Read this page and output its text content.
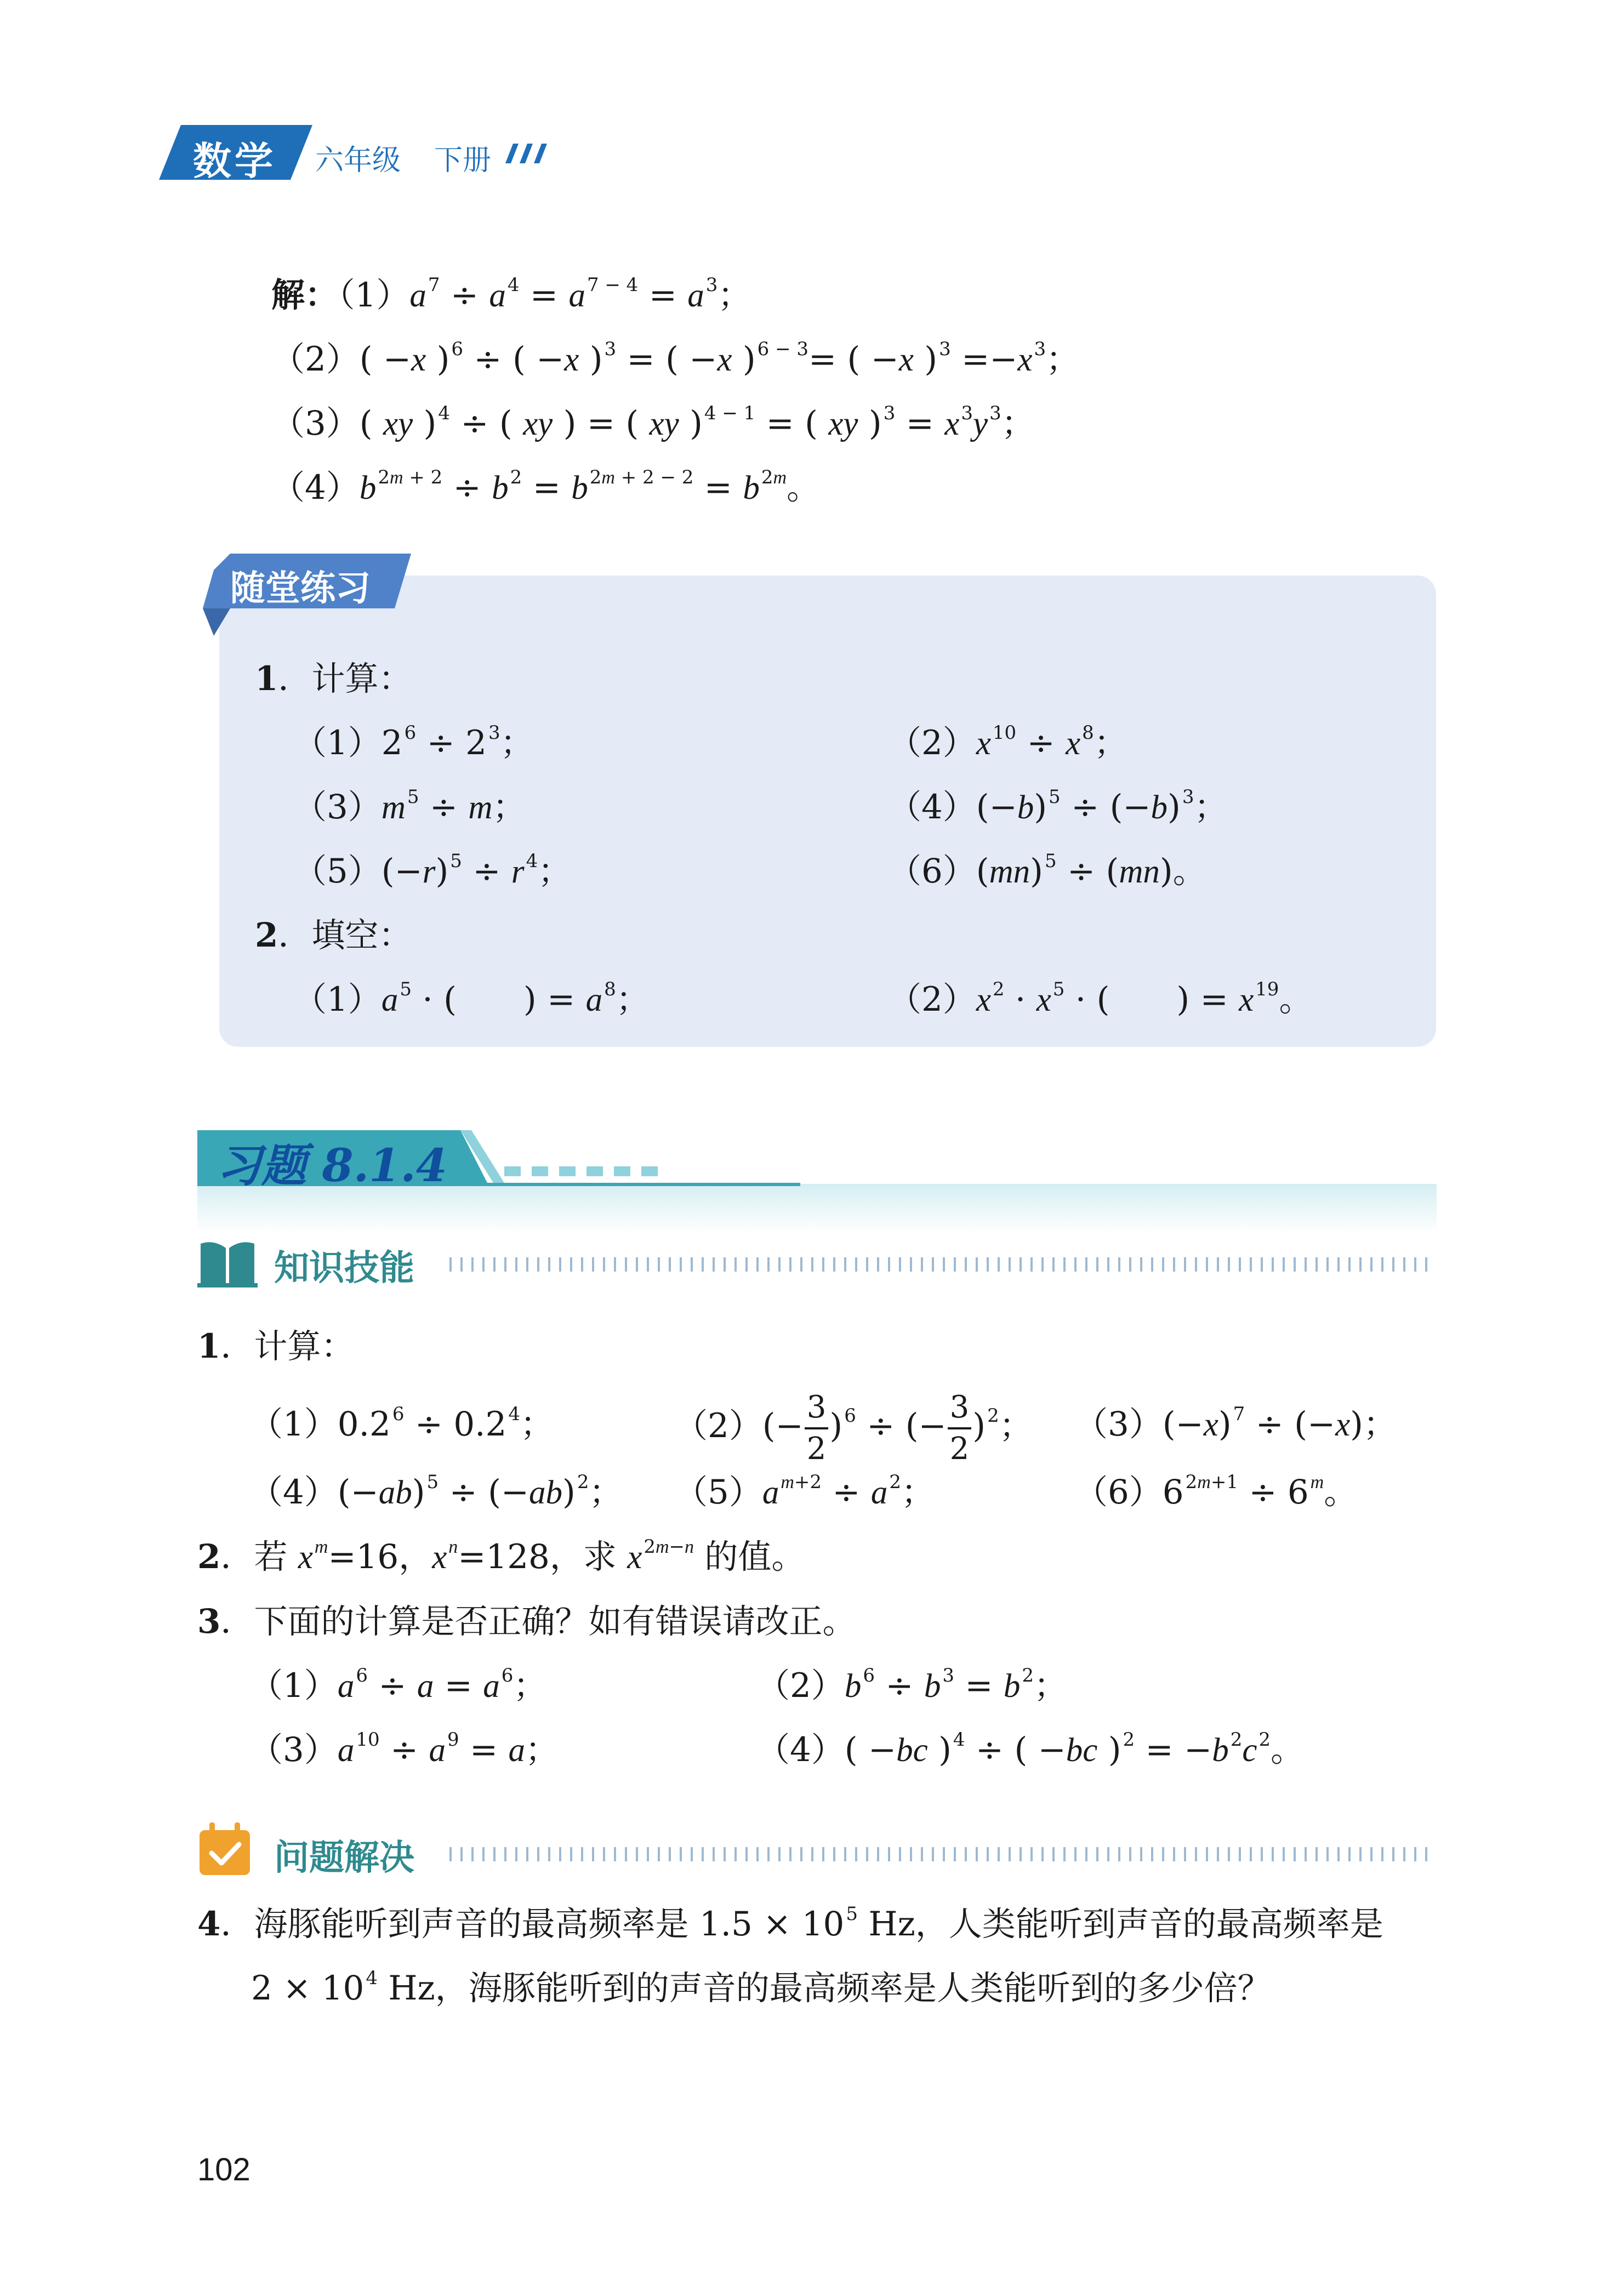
数学 六年级 下册
解：$(1)a^7 \div a^4 = a^{7 - 4} = a^3$；
（2）( −x )$^6$ ÷ ( −x )$^3$ = ( −x )$^{6 - 3}$= ( −x )$^3 =-x^3$；
（3）( xy )$^4$ ÷ ( xy ) = ( xy )$^{4 - 1}$ = ( xy )$^3 = x^3y^3$；
$(4)b^{2m + 2} \div b^2 = b^{2m + 2 - 2} = b^{2m}$。
随堂练习
1．计算：
$(1)2^6 \div 2^3$；	$(2)x^{10} \div x^8$；
$(3)m^5 \div m$；	$(4)(-b)^5 \div (-b)^3$；
$(5)(-r)^5 \div r^4$；	（6）(mn)$^5$ ÷ (mn)。
2．填空：
$(1)a^5$ · (　　) = $a^8$；	$(2)x^2 \cdot x^5$ · (　　) = $x^{19}$。
习题 8.1.4
知识技能
1．计算：
$(1)0.2^6 \div 0.2^4$；	$(2)(- \frac{3}{2} )^6$ ÷ (− $\frac{3}{2} )^2$； $(3)(-x)^7 \div (-x)$；
$(4)(-ab)^5 \div (-ab)^2$； $(5)a^{m+2} \div a^2$；	$(6)6^{2m+1} \div 6^m$。
2．若 $x^m=16$，$x^n=128$，求 $x^{2m-n}$ 的值。
3．下面的计算是否正确？如有错误请改正。
$(1)a^6 \div a = a^6$；	$(2)b^6 \div b^3 = b^2$；
$(3)a^{10} \div a^9 = a$；	（4）( −bc )$^4$ ÷ ( −bc )$^2 = -b^2c^2$。
问题解决
4．海豚能听到声音的最高频率是 $1.5 \times 10^5$ Hz，人类能听到声音的最高频率是
$2 \times 10^4$ Hz，海豚能听到的声音的最高频率是人类能听到的多少倍？
102
